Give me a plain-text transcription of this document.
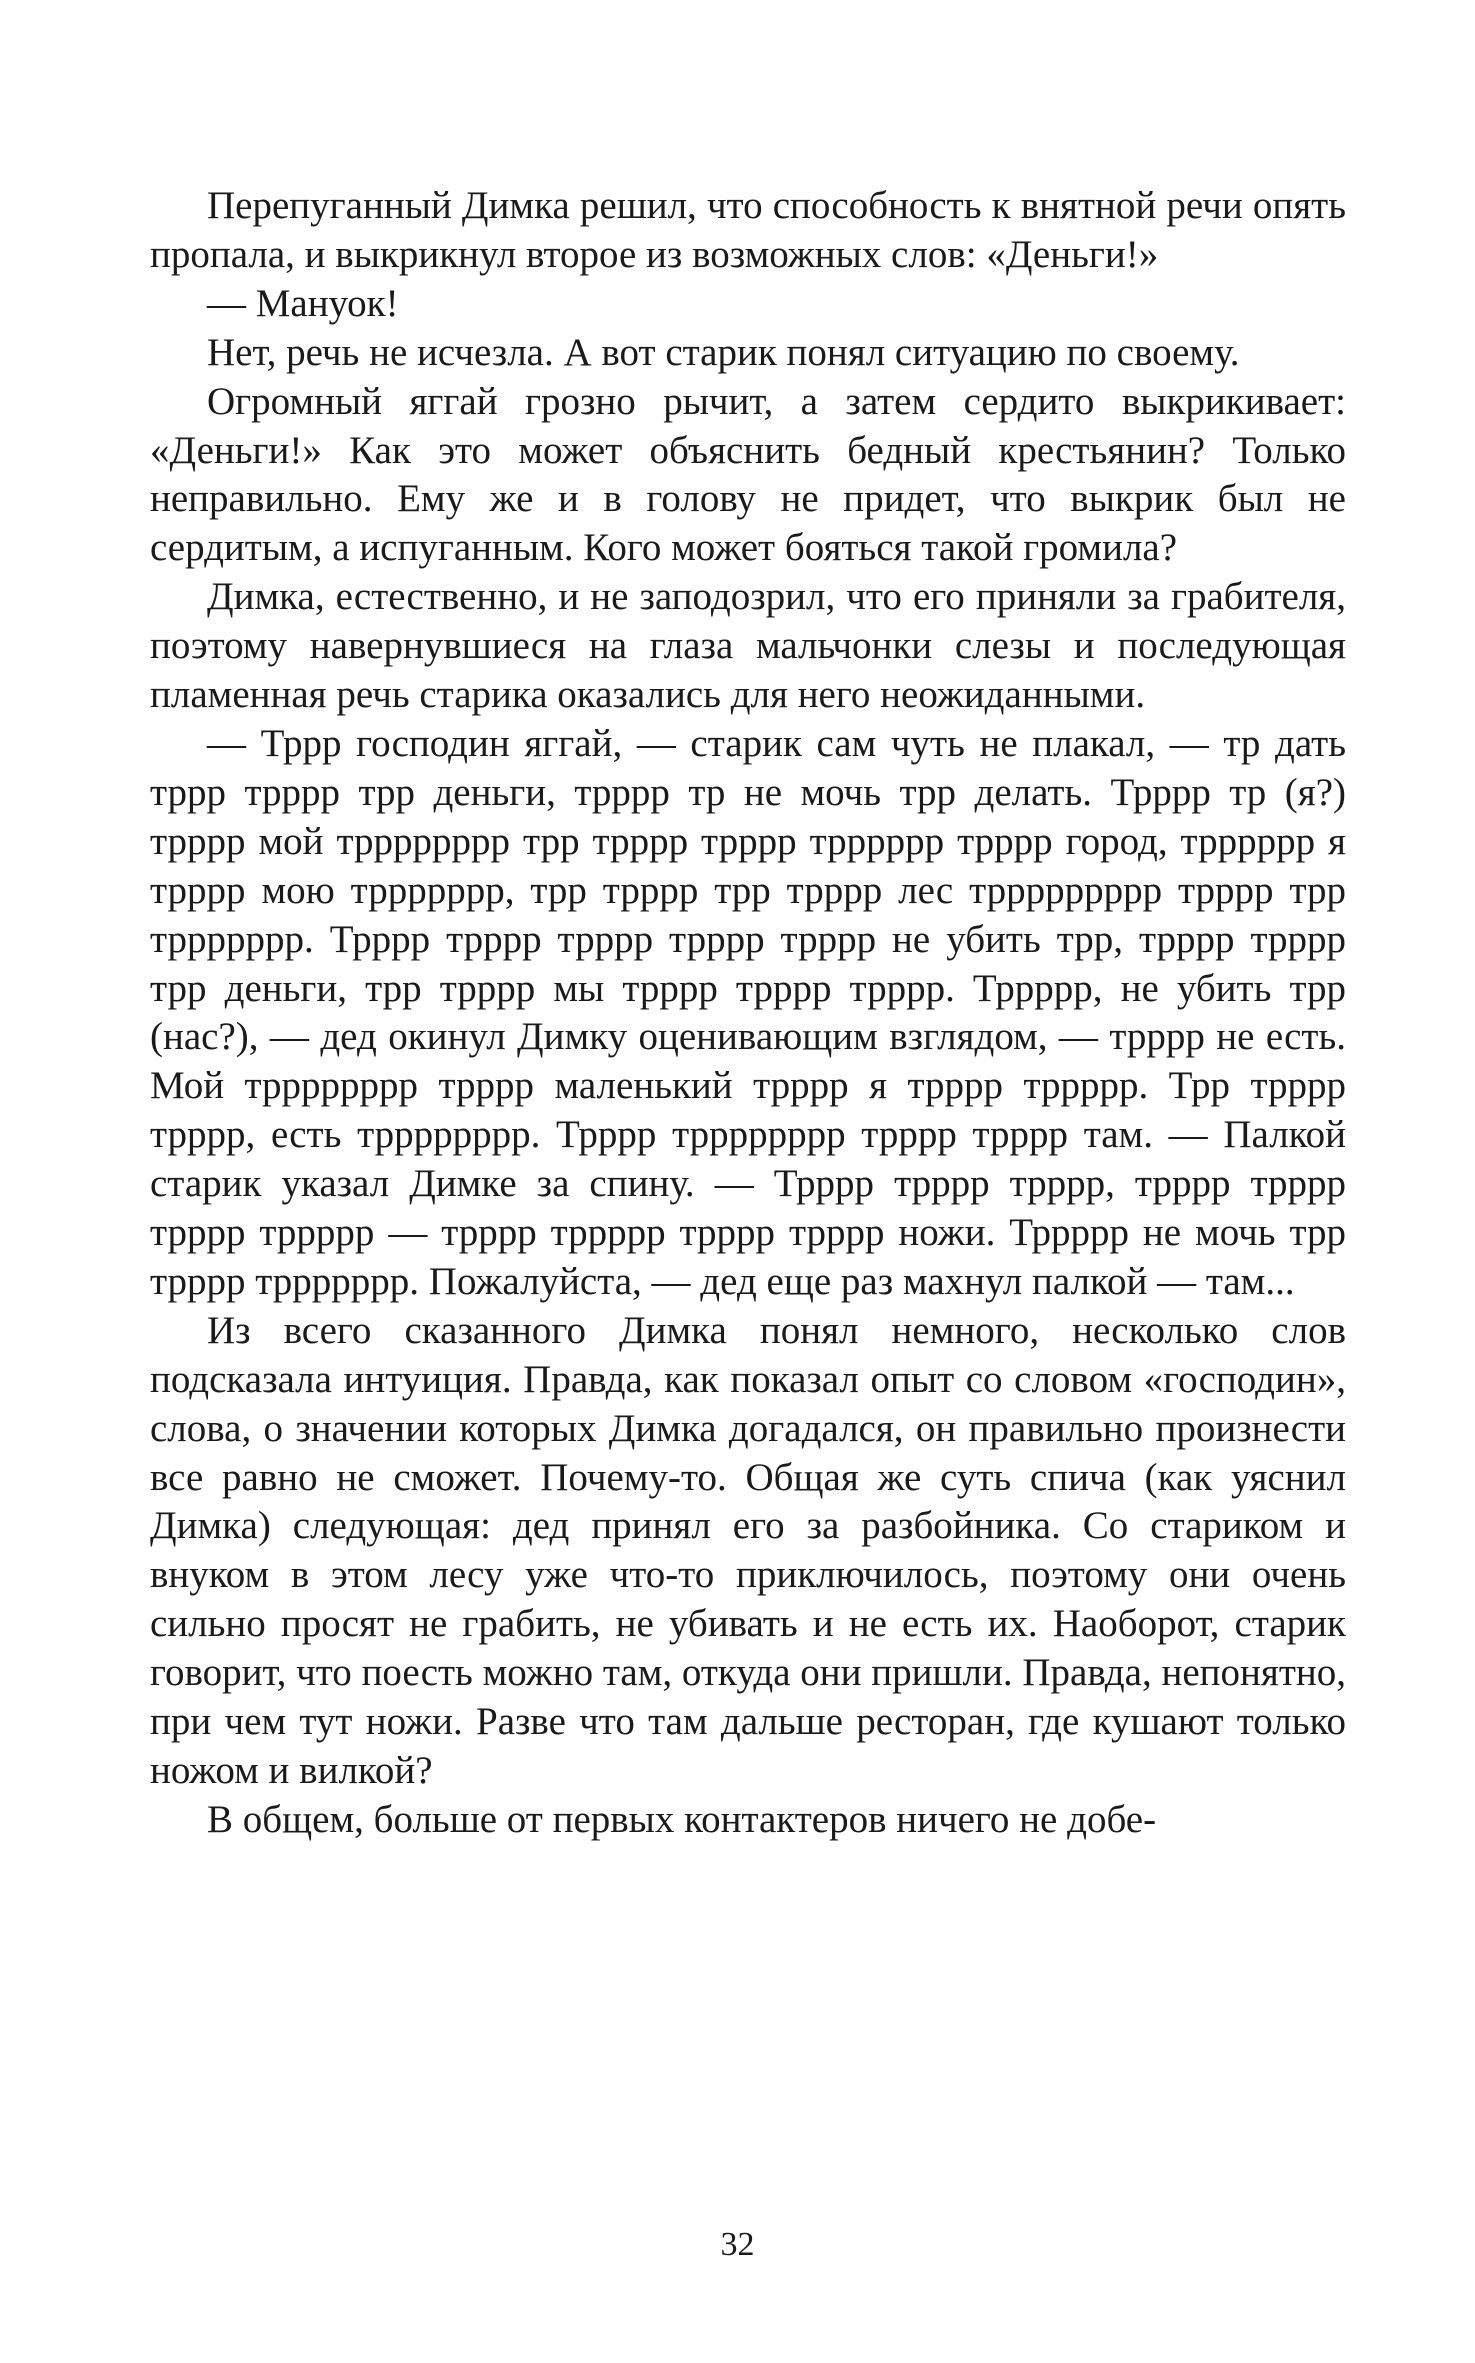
Перепуганный Димка решил, что способность к внятной речи опять пропала, и выкрикнул второе из возможных слов: «Деньги!»

— Мануок!

Нет, речь не исчезла. А вот старик понял ситуацию по своему.

Огромный яггай грозно рычит, а затем сердито выкрикивает: «Деньги!» Как это может объяснить бедный крестьянин? Только неправильно. Ему же и в голову не придет, что выкрик был не сердитым, а испуганным. Кого может бояться такой громила?

Димка, естественно, и не заподозрил, что его приняли за грабителя, поэтому навернувшиеся на глаза мальчонки слезы и последующая пламенная речь старика оказались для него неожиданными.

— Тррр господин яггай, — старик сам чуть не плакал, — тр дать тррр трррр трр деньги, трррр тр не мочь трр делать. Трррр тр (я?) трррр мой трррррррр трр трррр трррр трррррр трррр город, трррррр я трррр мою тррррррр, трр трррр трр трррр лес тррррррррр трррр трр тррррррр. Трррр трррр трррр трррр трррр не убить трр, трррр трррр трр деньги, трр трррр мы трррр трррр трррр. Тррррр, не убить трр (нас?), — дед окинул Димку оценивающим взглядом, — трррр не есть. Мой трррррррр трррр маленький трррр я трррр тррррр. Трр трррр трррр, есть трррррррр. Трррр трррррррр трррр трррр там. — Палкой старик указал Димке за спину. — Трррр трррр трррр, трррр трррр трррр тррррр — трррр тррррр трррр трррр ножи. Тррррр не мочь трр трррр тррррррр. Пожалуйста, — дед еще раз махнул палкой — там...

Из всего сказанного Димка понял немного, несколько слов подсказала интуиция. Правда, как показал опыт со словом «господин», слова, о значении которых Димка догадался, он правильно произнести все равно не сможет. Почему-то. Общая же суть спича (как уяснил Димка) следующая: дед принял его за разбойника. Со стариком и внуком в этом лесу уже что-то приключилось, поэтому они очень сильно просят не грабить, не убивать и не есть их. Наоборот, старик говорит, что поесть можно там, откуда они пришли. Правда, непонятно, при чем тут ножи. Разве что там дальше ресторан, где кушают только ножом и вилкой?

В общем, больше от первых контактеров ничего не добе-

32
